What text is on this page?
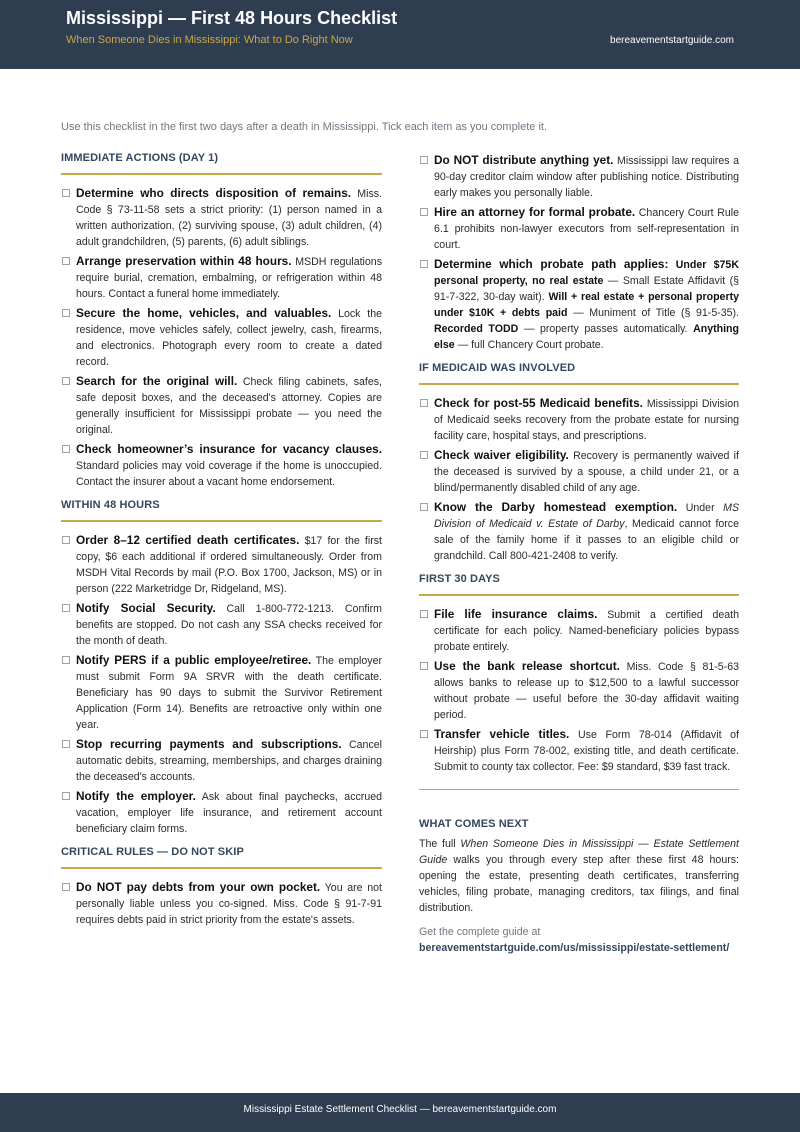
Mississippi — First 48 Hours Checklist
When Someone Dies in Mississippi: What to Do Right Now	bereavementstartguide.com
Use this checklist in the first two days after a death in Mississippi. Tick each item as you complete it.
IMMEDIATE ACTIONS (DAY 1)
Determine who directs disposition of remains. Miss. Code § 73-11-58 sets a strict priority: (1) person named in a written authorization, (2) surviving spouse, (3) adult children, (4) adult grandchildren, (5) parents, (6) adult siblings.
Arrange preservation within 48 hours. MSDH regulations require burial, cremation, embalming, or refrigeration within 48 hours. Contact a funeral home immediately.
Secure the home, vehicles, and valuables. Lock the residence, move vehicles safely, collect jewelry, cash, firearms, and electronics. Photograph every room to create a dated record.
Search for the original will. Check filing cabinets, safes, safe deposit boxes, and the deceased's attorney. Copies are generally insufficient for Mississippi probate — you need the original.
Check homeowner’s insurance for vacancy clauses. Standard policies may void coverage if the home is unoccupied. Contact the insurer about a vacant home endorsement.
WITHIN 48 HOURS
Order 8–12 certified death certificates. $17 for the first copy, $6 each additional if ordered simultaneously. Order from MSDH Vital Records by mail (P.O. Box 1700, Jackson, MS) or in person (222 Marketridge Dr, Ridgeland, MS).
Notify Social Security. Call 1-800-772-1213. Confirm benefits are stopped. Do not cash any SSA checks received for the month of death.
Notify PERS if a public employee/retiree. The employer must submit Form 9A SRVR with the death certificate. Beneficiary has 90 days to submit the Survivor Retirement Application (Form 14). Benefits are retroactive only within one year.
Stop recurring payments and subscriptions. Cancel automatic debits, streaming, memberships, and charges draining the deceased's accounts.
Notify the employer. Ask about final paychecks, accrued vacation, employer life insurance, and retirement account beneficiary claim forms.
CRITICAL RULES — DO NOT SKIP
Do NOT pay debts from your own pocket. You are not personally liable unless you co-signed. Miss. Code § 91-7-91 requires debts paid in strict priority from the estate's assets.
Do NOT distribute anything yet. Mississippi law requires a 90-day creditor claim window after publishing notice. Distributing early makes you personally liable.
Hire an attorney for formal probate. Chancery Court Rule 6.1 prohibits non-lawyer executors from self-representation in court.
Determine which probate path applies: Under $75K personal property, no real estate — Small Estate Affidavit (§ 91-7-322, 30-day wait). Will + real estate + personal property under $10K + debts paid — Muniment of Title (§ 91-5-35). Recorded TODD — property passes automatically. Anything else — full Chancery Court probate.
IF MEDICAID WAS INVOLVED
Check for post-55 Medicaid benefits. Mississippi Division of Medicaid seeks recovery from the probate estate for nursing facility care, hospital stays, and prescriptions.
Check waiver eligibility. Recovery is permanently waived if the deceased is survived by a spouse, a child under 21, or a blind/permanently disabled child of any age.
Know the Darby homestead exemption. Under MS Division of Medicaid v. Estate of Darby, Medicaid cannot force sale of the family home if it passes to an eligible child or grandchild. Call 800-421-2408 to verify.
FIRST 30 DAYS
File life insurance claims. Submit a certified death certificate for each policy. Named-beneficiary policies bypass probate entirely.
Use the bank release shortcut. Miss. Code § 81-5-63 allows banks to release up to $12,500 to a lawful successor without probate — useful before the 30-day affidavit waiting period.
Transfer vehicle titles. Use Form 78-014 (Affidavit of Heirship) plus Form 78-002, existing title, and death certificate. Submit to county tax collector. Fee: $9 standard, $39 fast track.
WHAT COMES NEXT
The full When Someone Dies in Mississippi — Estate Settlement Guide walks you through every step after these first 48 hours: opening the estate, presenting death certificates, transferring vehicles, filing probate, managing creditors, tax filings, and final distribution.
Get the complete guide at
bereavementstartguide.com/us/mississippi/estate-settlement/
Mississippi Estate Settlement Checklist — bereavementstartguide.com
